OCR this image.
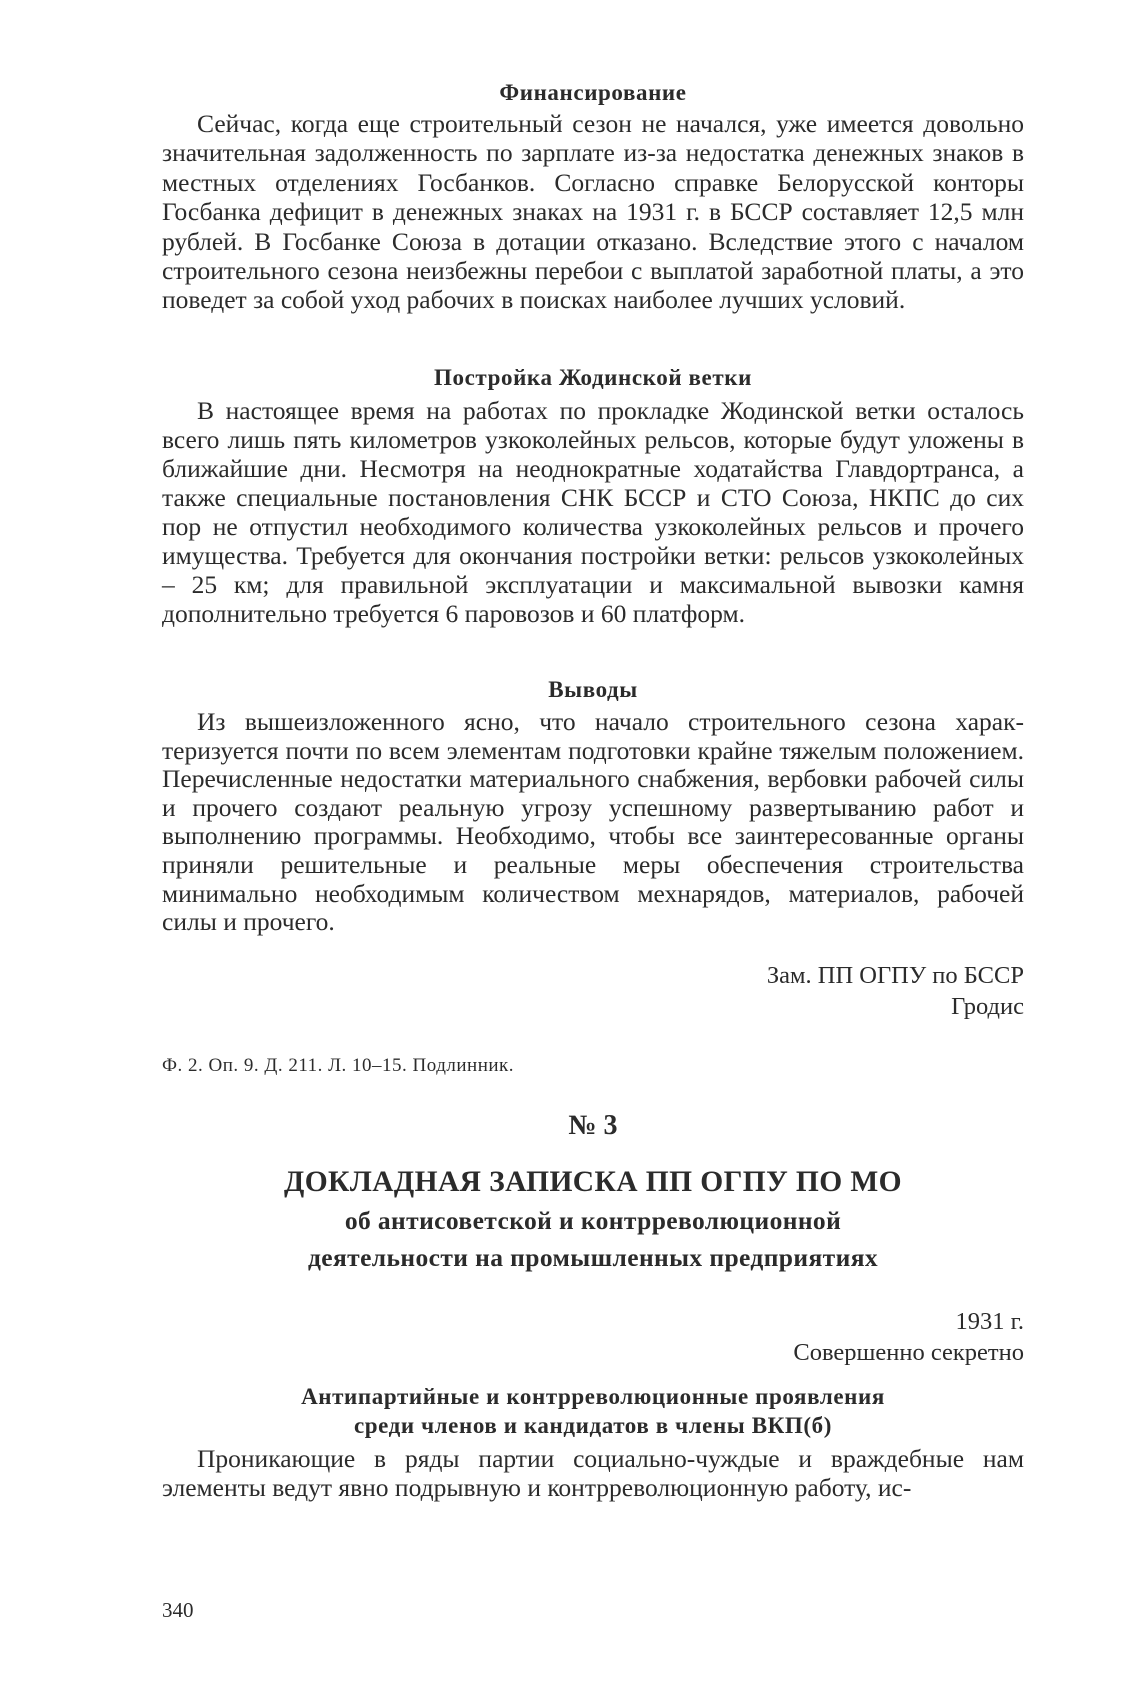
Финансирование

Сейчас, когда еще строительный сезон не начался, уже имеется довольно значительная задолженность по зарплате из-за недостатка денежных знаков в местных отделениях Госбанков. Согласно справке Белорусской конторы Госбанка дефицит в денежных знаках на 1931 г. в БССР составляет 12,5 млн рублей. В Госбанке Союза в дотации отказано. Вследствие этого с началом строительного сезона неизбежны перебои с выплатой заработной платы, а это поведет за собой уход рабочих в поисках наиболее лучших условий.

Постройка Жодинской ветки

В настоящее время на работах по прокладке Жодинской ветки осталось всего лишь пять километров узкоколейных рельсов, которые будут уложены в ближайшие дни. Несмотря на неоднократные ходатайства Главдортранса, а также специальные постановления СНК БССР и СТО Союза, НКПС до сих пор не отпустил необходимого количества узкоколейных рельсов и прочего имущества. Требуется для окончания постройки ветки: рельсов узкоколейных – 25 км; для правильной эксплуатации и максимальной вывозки камня дополнительно требуется 6 паровозов и 60 платформ.

Выводы

Из вышеизложенного ясно, что начало строительного сезона характеризуется почти по всем элементам подготовки крайне тяжелым положением. Перечисленные недостатки материального снабжения, вербовки рабочей силы и прочего создают реальную угрозу успешному развертыванию работ и выполнению программы. Необходимо, чтобы все заинтересованные органы приняли решительные и реальные меры обеспечения строительства минимально необходимым количеством мехнарядов, материалов, рабочей силы и прочего.

Зам. ПП ОГПУ по БССР

Гродис

Ф. 2. Оп. 9. Д. 211. Л. 10–15. Подлинник.
№ 3
ДОКЛАДНАЯ ЗАПИСКА ПП ОГПУ ПО МО
об антисоветской и контрреволюционной
деятельности на промышленных предприятиях

1931 г.

Совершенно секретно

Антипартийные и контрреволюционные проявления

среди членов и кандидатов в члены ВКП(б)

Проникающие в ряды партии социально-чуждые и враждебные нам элементы ведут явно подрывную и контрреволюционную работу, ис-

340
